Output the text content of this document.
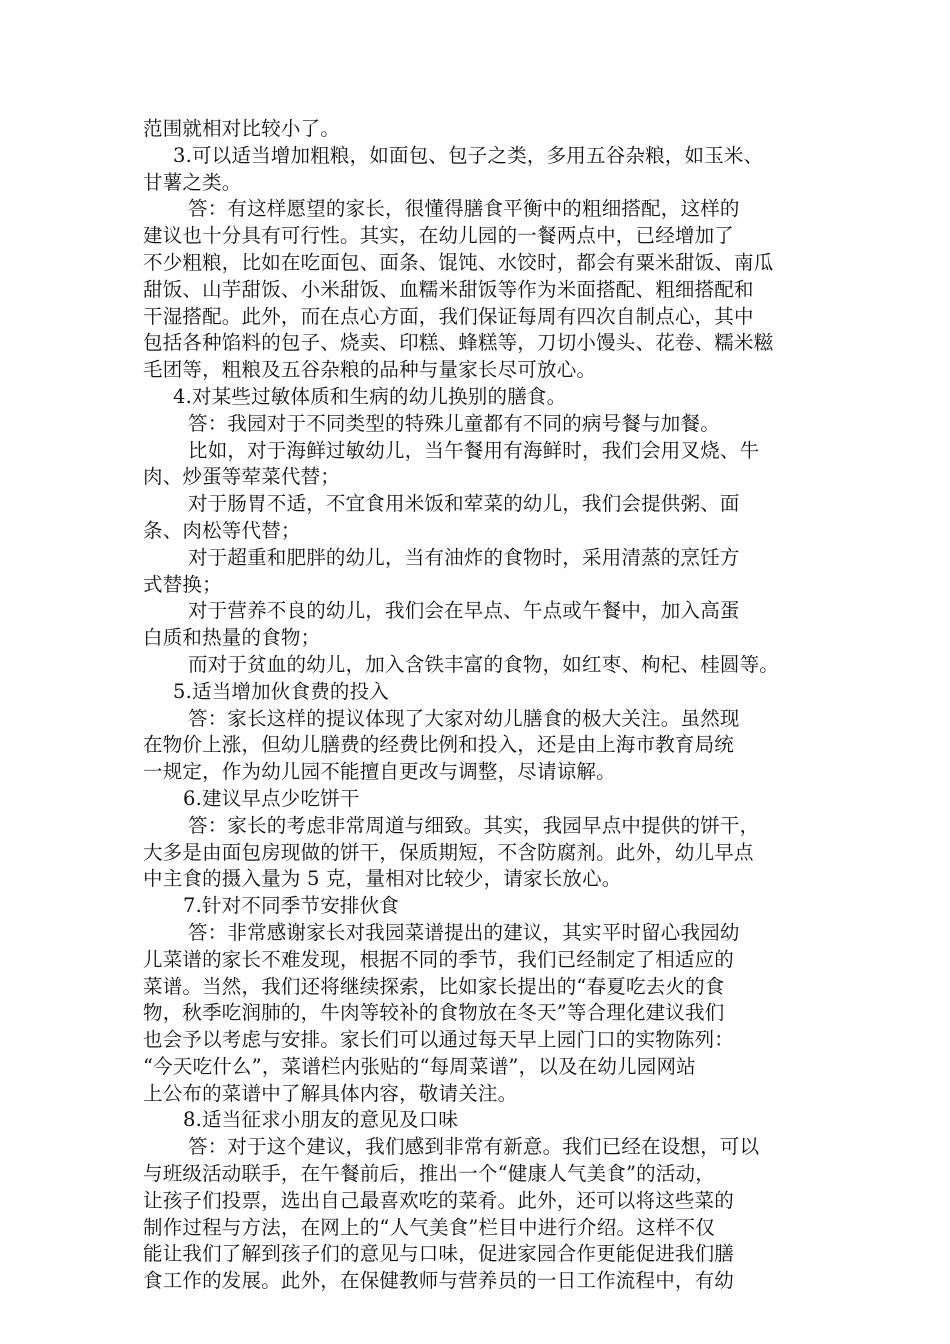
范围就相对比较小了。
3.可以适当增加粗粮，如面包、包子之类，多用五谷杂粮，如玉米、
甘薯之类。
答：有这样愿望的家长，很懂得膳食平衡中的粗细搭配，这样的
建议也十分具有可行性。其实，在幼儿园的一餐两点中，已经增加了
不少粗粮，比如在吃面包、面条、馄饨、水饺时，都会有粟米甜饭、南瓜
甜饭、山芋甜饭、小米甜饭、血糯米甜饭等作为米面搭配、粗细搭配和
干湿搭配。此外，而在点心方面，我们保证每周有四次自制点心，其中
包括各种馅料的包子、烧卖、印糕、蜂糕等，刀切小馒头、花卷、糯米糍
毛团等，粗粮及五谷杂粮的品种与量家长尽可放心。
4.对某些过敏体质和生病的幼儿换别的膳食。
答：我园对于不同类型的特殊儿童都有不同的病号餐与加餐。
比如，对于海鲜过敏幼儿，当午餐用有海鲜时，我们会用叉烧、牛
肉、炒蛋等荤菜代替；
对于肠胃不适，不宜食用米饭和荤菜的幼儿，我们会提供粥、面
条、肉松等代替；
对于超重和肥胖的幼儿，当有油炸的食物时，采用清蒸的烹饪方
式替换；
对于营养不良的幼儿，我们会在早点、午点或午餐中，加入高蛋
白质和热量的食物；
而对于贫血的幼儿，加入含铁丰富的食物，如红枣、枸杞、桂圆等。
5.适当增加伙食费的投入
答：家长这样的提议体现了大家对幼儿膳食的极大关注。虽然现
在物价上涨，但幼儿膳费的经费比例和投入，还是由上海市教育局统
一规定，作为幼儿园不能擅自更改与调整，尽请谅解。
6.建议早点少吃饼干
答：家长的考虑非常周道与细致。其实，我园早点中提供的饼干，
大多是由面包房现做的饼干，保质期短，不含防腐剂。此外，幼儿早点
中主食的摄入量为 5 克，量相对比较少，请家长放心。
7.针对不同季节安排伙食
答：非常感谢家长对我园菜谱提出的建议，其实平时留心我园幼
儿菜谱的家长不难发现，根据不同的季节，我们已经制定了相适应的
菜谱。当然，我们还将继续探索，比如家长提出的“春夏吃去火的食
物，秋季吃润肺的，牛肉等较补的食物放在冬天”等合理化建议我们
也会予以考虑与安排。家长们可以通过每天早上园门口的实物陈列：
“今天吃什么”，菜谱栏内张贴的“每周菜谱”，以及在幼儿园网站
上公布的菜谱中了解具体内容，敬请关注。
8.适当征求小朋友的意见及口味
答：对于这个建议，我们感到非常有新意。我们已经在设想，可以
与班级活动联手，在午餐前后，推出一个“健康人气美食”的活动，
让孩子们投票，选出自己最喜欢吃的菜肴。此外，还可以将这些菜的
制作过程与方法，在网上的“人气美食”栏目中进行介绍。这样不仅
能让我们了解到孩子们的意见与口味，促进家园合作更能促进我们膳
食工作的发展。此外，在保健教师与营养员的一日工作流程中，有幼
